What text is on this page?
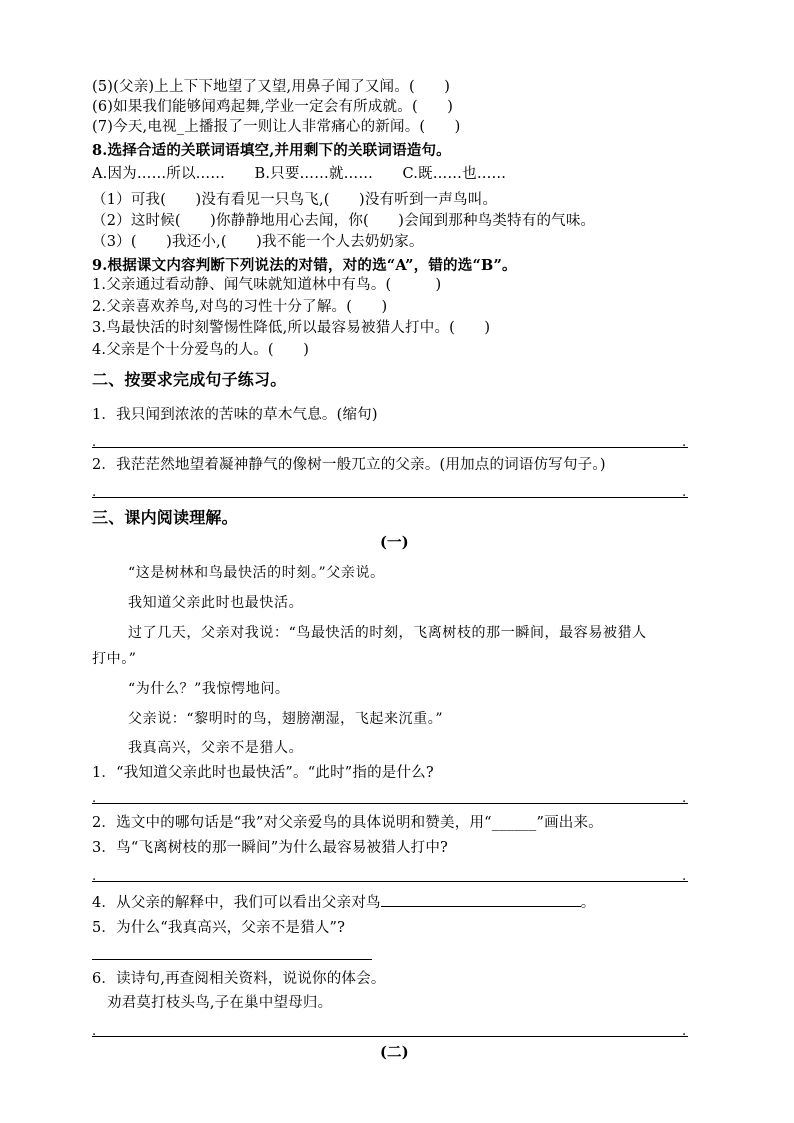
(5)(父亲)上上下下地望了又望,用鼻子闻了又闻。(　　)
(6)如果我们能够闻鸡起舞,学业一定会有所成就。(　　)
(7)今天,电视_上播报了一则让人非常痛心的新闻。(　　)
8.选择合适的关联词语填空,并用剩下的关联词语造句。
A.因为……所以……　　B.只要……就……　　C.既……也……
（1）可我(　　)没有看见一只鸟飞,(　　)没有听到一声鸟叫。
（2）这时候(　　)你静静地用心去闻，你(　　)会闻到那种鸟类特有的气味。
（3）(　　)我还小,(　　)我不能一个人去奶奶家。
9.根据课文内容判断下列说法的对错，对的选“A”，错的选“B”。
1.父亲通过看动静、闻气味就知道林中有鸟。(　　　)
2.父亲喜欢养鸟,对鸟的习性十分了解。(　　)
3.鸟最快活的时刻警惕性降低,所以最容易被猎人打中。(　　)
4.父亲是个十分爱鸟的人。(　　)
二、按要求完成句子练习。
1．我只闻到浓浓的苦味的草木气息。(缩句)
.	.
2．我茫茫然地望着凝神静气的像树一般兀立的父亲。(用加点的词语仿写句子。)
.	.
三、课内阅读理解。
(一)
“这是树林和鸟最快活的时刻。”父亲说。
我知道父亲此时也最快活。
过了几天，父亲对我说：“鸟最快活的时刻，飞离树枝的那一瞬间，最容易被猎人
打中。”
“为什么？”我惊愕地问。
父亲说：“黎明时的鸟，翅膀潮湿，飞起来沉重。”
我真高兴，父亲不是猎人。
1．“我知道父亲此时也最快活”。“此时”指的是什么?
.	.
2．选文中的哪句话是“我”对父亲爱鸟的具体说明和赞美，用“______”画出来。
3．鸟“飞离树枝的那一瞬间”为什么最容易被猎人打中?
.	.
4．从父亲的解释中，我们可以看出父亲对鸟	。
5．为什么“我真高兴，父亲不是猎人”?
6．读诗句,再查阅相关资料，说说你的体会。
劝君莫打枝头鸟,子在巢中望母归。
.	.
(二)
